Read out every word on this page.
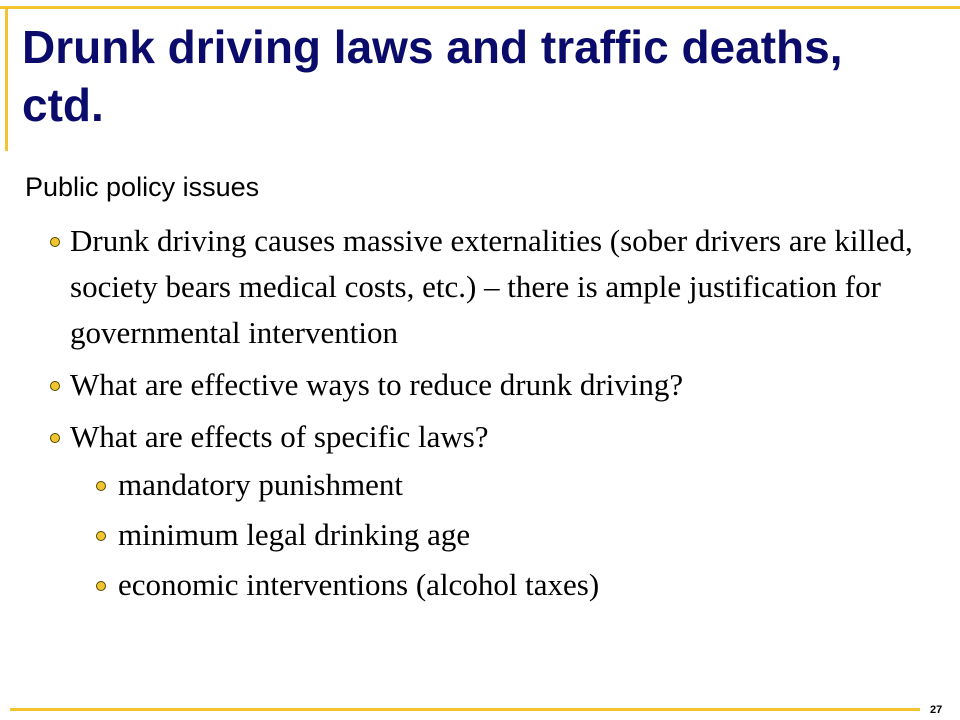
Drunk driving laws and traffic deaths, ctd.
Public policy issues
Drunk driving causes massive externalities (sober drivers are killed, society bears medical costs, etc.) – there is ample justification for governmental intervention
What are effective ways to reduce drunk driving?
What are effects of specific laws?
mandatory punishment
minimum legal drinking age
economic interventions (alcohol taxes)
27
